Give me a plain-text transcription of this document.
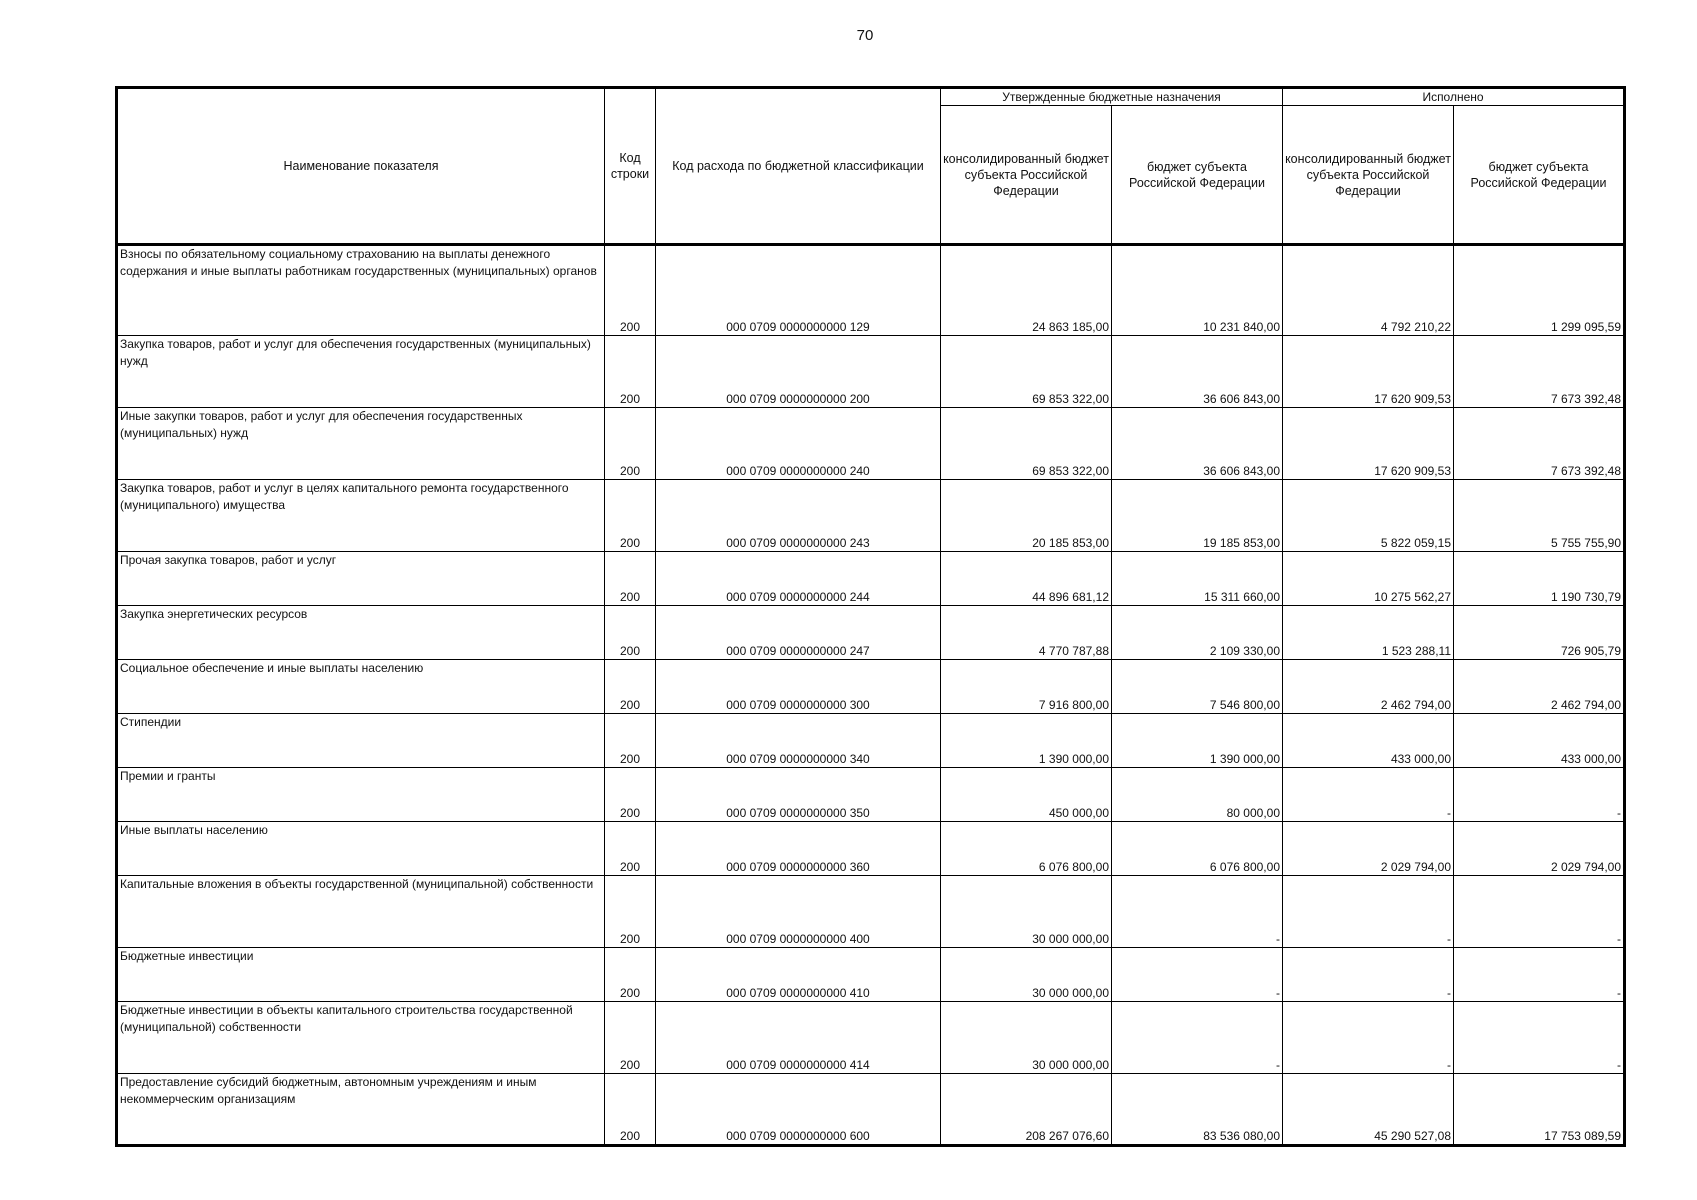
70
Наименование показателя	Код строки	Код расхода по бюджетной классификации	Утвержденные бюджетные назначения		Исполнено	
			консолидированный бюджет субъекта Российской Федерации	бюджет субъекта Российской Федерации	консолидированный бюджет субъекта Российской Федерации	бюджет субъекта Российской Федерации
Взносы по обязательному социальному страхованию на выплаты денежного содержания и иные выплаты работникам государственных (муниципальных) органов	200	000 0709 0000000000 129	24 863 185,00	10 231 840,00	4 792 210,22	1 299 095,59
Закупка товаров, работ и услуг для обеспечения государственных (муниципальных) нужд	200	000 0709 0000000000 200	69 853 322,00	36 606 843,00	17 620 909,53	7 673 392,48
Иные закупки товаров, работ и услуг для обеспечения государственных (муниципальных) нужд	200	000 0709 0000000000 240	69 853 322,00	36 606 843,00	17 620 909,53	7 673 392,48
Закупка товаров, работ и услуг в целях капитального ремонта государственного (муниципального) имущества	200	000 0709 0000000000 243	20 185 853,00	19 185 853,00	5 822 059,15	5 755 755,90
Прочая закупка товаров, работ и услуг	200	000 0709 0000000000 244	44 896 681,12	15 311 660,00	10 275 562,27	1 190 730,79
Закупка энергетических ресурсов	200	000 0709 0000000000 247	4 770 787,88	2 109 330,00	1 523 288,11	726 905,79
Социальное обеспечение и иные выплаты населению	200	000 0709 0000000000 300	7 916 800,00	7 546 800,00	2 462 794,00	2 462 794,00
Стипендии	200	000 0709 0000000000 340	1 390 000,00	1 390 000,00	433 000,00	433 000,00
Премии и гранты	200	000 0709 0000000000 350	450 000,00	80 000,00	-	-
Иные выплаты населению	200	000 0709 0000000000 360	6 076 800,00	6 076 800,00	2 029 794,00	2 029 794,00
Капитальные вложения в объекты государственной (муниципальной) собственности	200	000 0709 0000000000 400	30 000 000,00	-	-	-
Бюджетные инвестиции	200	000 0709 0000000000 410	30 000 000,00	-	-	-
Бюджетные инвестиции в объекты капитального строительства государственной (муниципальной) собственности	200	000 0709 0000000000 414	30 000 000,00	-	-	-
Предоставление субсидий бюджетным, автономным учреждениям и иным некоммерческим организациям	200	000 0709 0000000000 600	208 267 076,60	83 536 080,00	45 290 527,08	17 753 089,59
